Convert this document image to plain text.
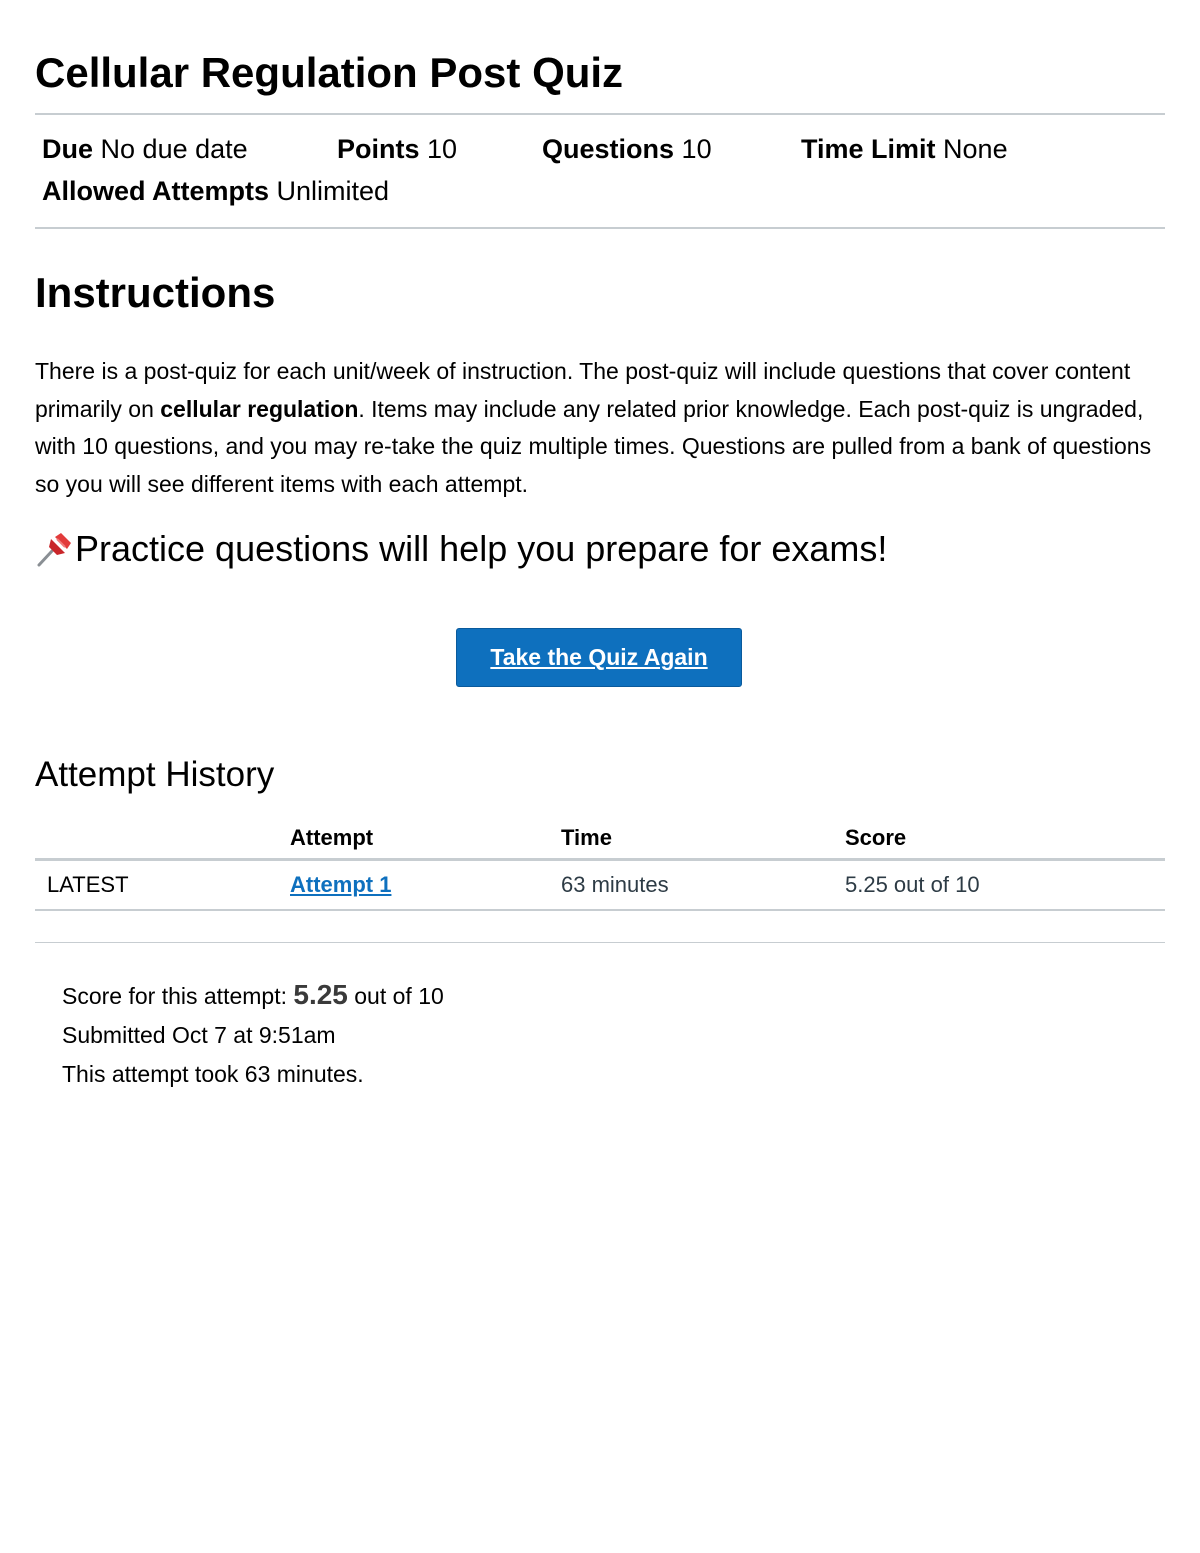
Cellular Regulation Post Quiz
Due No due date	Points 10	Questions 10	Time Limit None
Allowed Attempts Unlimited
Instructions

There is a post-quiz for each unit/week of instruction. The post-quiz will include questions that cover content primarily on cellular regulation. Items may include any related prior knowledge. Each post-quiz is ungraded, with 10 questions, and you may re-take the quiz multiple times. Questions are pulled from a bank of questions so you will see different items with each attempt.

Practice questions will help you prepare for exams!
Take the Quiz Again
Attempt History
	Attempt	Time	Score
LATEST	Attempt 1	63 minutes	5.25 out of 10
Score for this attempt: 5.25 out of 10
Submitted Oct 7 at 9:51am
This attempt took 63 minutes.
